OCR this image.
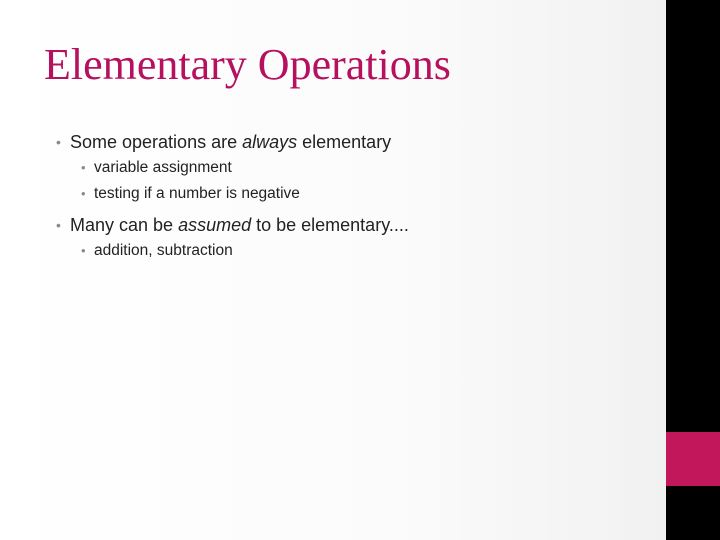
Elementary Operations
• Some operations are always elementary
• variable assignment
• testing if a number is negative
• Many can be assumed to be elementary....
• addition, subtraction
